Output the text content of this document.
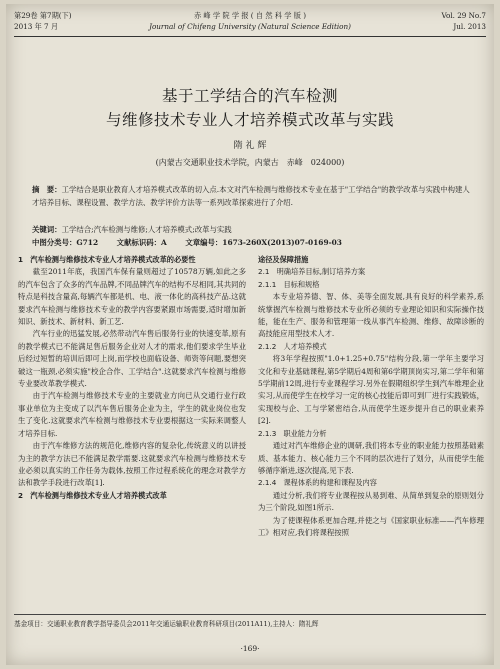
第29卷 第7期(下)
2013 年 7 月
赤 峰 学 院 学 报 ( 自 然 科 学 版 )
Journal of Chifeng University (Natural Science Edition)
Vol. 29 No.7
Jul. 2013
基于工学结合的汽车检测
与维修技术专业人才培养模式改革与实践
隋 礼 辉
(内蒙古交通职业技术学院，内蒙古　赤峰　024000)
摘　要：工学结合是职业教育人才培养模式改革的切入点.本文对汽车检测与维修技术专业在基于"工学结合"的教学改革与实践中构建人才培养目标、课程设置、教学方法、教学评价方法等一系列改革探索进行了介绍.
关键词：工学结合;汽车检测与维修;人才培养模式;改革与实践
中图分类号：G712	文献标识码：A	文章编号：1673-260X(2013)07-0169-03

1　汽车检测与维修技术专业人才培养模式改革的必要性

截至2011年底，我国汽车保有量则超过了10578万辆,如此之多的汽车包含了众多的汽车品牌,不同品牌汽车的结构不尽相同,其共同的特点是科技含量高,每辆汽车都是机、电、液一体化的高科技产品.这就要求汽车检测与维修技术专业的教学内容要紧跟市场需要,适时增加新知识、新技术、新材料、新工艺.

汽车行业的迅猛发展,必然带动汽车售后服务行业的快速变革,原有的教学模式已不能满足售后服务企业对人才的需求,他们要求学生毕业后经过短暂的培训后即可上岗,而学校也面临设备、师资等问题,要想突破这一瓶颈,必须实施"校企合作、工学结合".这就要求汽车检测与维修专业要改革教学模式.

由于汽车检测与维修技术专业的主要就业方向已从交通行业行政事业单位为主变成了以汽车售后服务企业为主，学生的就业岗位也发生了变化.这就要求汽车检测与维修技术专业要根据这一实际来调整人才培养目标.

由于汽车维修方法的规范化,维修内容的复杂化,传统意义的以讲授为主的教学方法已不能满足教学需要.这就要求汽车检测与维修技术专业必须以真实的工作任务为载体,按照工作过程系统化的理念对教学方法和教学手段进行改革[1].

2　汽车检测与维修技术专业人才培养模式改革

途径及保障措施

2.1　明确培养目标,制订培养方案

2.1.1　目标和规格

本专业培养德、智、体、美等全面发展,具有良好的科学素养,系统掌握汽车检测与维修技术专业所必须的专业理论知识和实际操作技能，能在生产、服务和管理第一线从事汽车检测、维修、故障诊断的高技能应用型技术人才.

2.1.2　人才培养模式

将3年学程按照"1.0+1.25+0.75"结构分段,第一学年主要学习文化和专业基础课程,第5学期后4周和第6学期顶岗实习,第二学年和第5学期前12周,进行专业课程学习.另外在假期组织学生到汽车维理企业实习,从而使学生在校学习一定的核心技能后即可到厂进行实践锻炼，实现校与企、工与学紧密结合,从而使学生逐步提升自己的职业素养[2].

2.1.3　职业能力分析

通过对汽车维修企业的调研,我们将本专业的职业能力按照基础素质、基本能力、核心能力三个不同的层次进行了划分，从而使学生能够循序渐进,逐次提高,见下表.

2.1.4　课程体系的构建和课程及内容

通过分析,我们将专业课程按从易到难、从简单到复杂的原则划分为三个阶段,如图1所示.

为了使课程体系更加合理,并使之与《国家职业标准——汽车修理工》相对应,我们将课程按照

基金项目：交通职业教育教学指导委员会2011年交通运输职业教育科研项目(2011A11),主持人：隋礼辉
·169·
